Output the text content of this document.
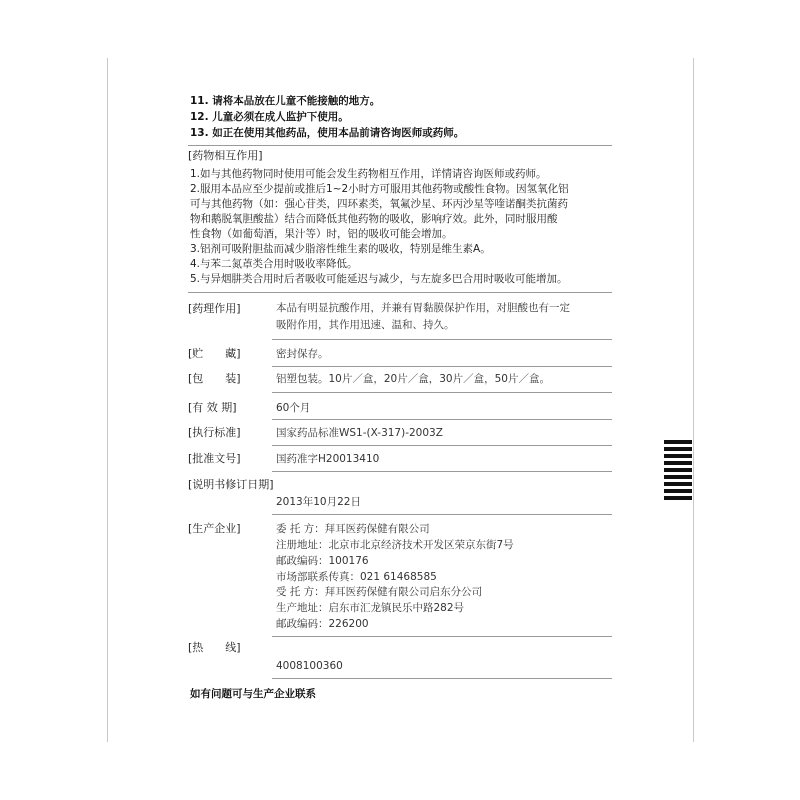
11. 请将本品放在儿童不能接触的地方。
12. 儿童必须在成人监护下使用。
13. 如正在使用其他药品，使用本品前请咨询医师或药师。
[药物相互作用]
1.如与其他药物同时使用可能会发生药物相互作用，详情请咨询医师或药师。
2.服用本品应至少提前或推后1~2小时方可服用其他药物或酸性食物。因氢氧化铝
可与其他药物（如：强心苷类，四环素类，氧氟沙星、环丙沙星等喹诺酮类抗菌药
物和鹅脱氧胆酸盐）结合而降低其他药物的吸收，影响疗效。此外，同时服用酸
性食物（如葡萄酒，果汁等）时，铝的吸收可能会增加。
3.铝剂可吸附胆盐而减少脂溶性维生素的吸收，特别是维生素A。
4.与苯二氮䓬类合用时吸收率降低。
5.与异烟肼类合用时后者吸收可能延迟与减少，与左旋多巴合用时吸收可能增加。
[药理作用]	本品有明显抗酸作用，并兼有胃黏膜保护作用，对胆酸也有一定
吸附作用，其作用迅速、温和、持久。
[贮　　藏]	密封保存。
[包　　装]	铝塑包装。10片／盒，20片／盒，30片／盒，50片／盒。
[有 效 期]	60个月
[执行标准]	国家药品标准WS1-(X-317)-2003Z
[批准文号]	国药准字H20013410
[说明书修订日期]
2013年10月22日
[生产企业]	委 托 方：拜耳医药保健有限公司
注册地址：北京市北京经济技术开发区荣京东街7号
邮政编码：100176
市场部联系传真：021 61468585
受 托 方：拜耳医药保健有限公司启东分公司
生产地址：启东市汇龙镇民乐中路282号
邮政编码：226200
[热　　线]
4008100360
如有问题可与生产企业联系
